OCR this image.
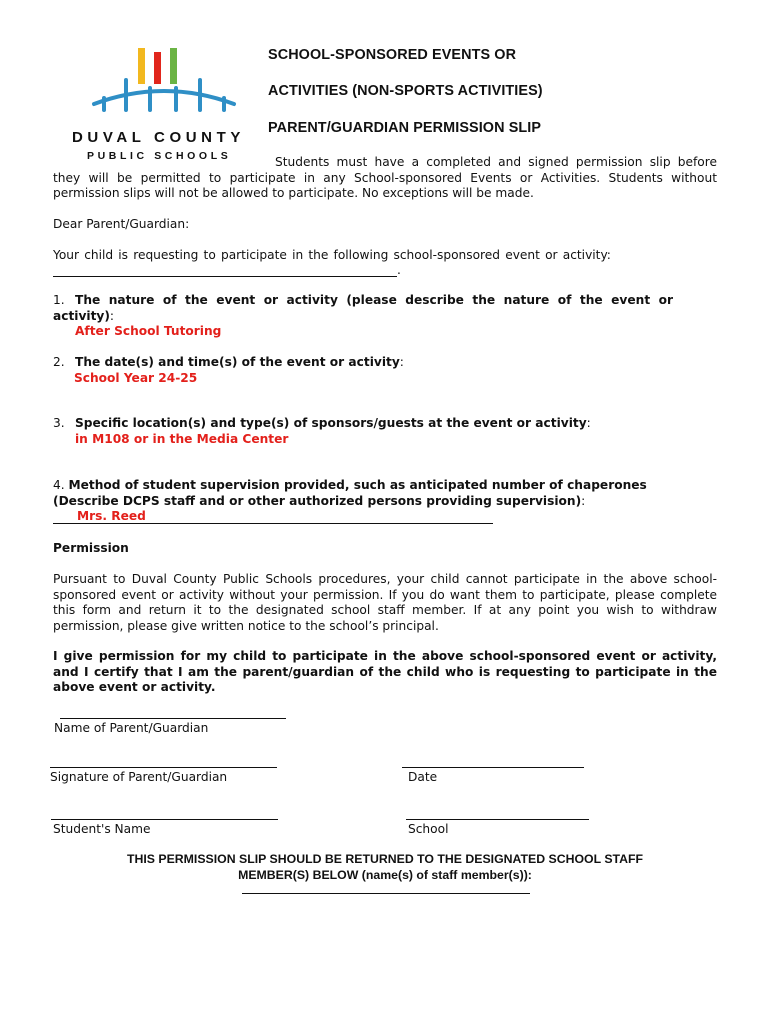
DUVAL COUNTY
PUBLIC SCHOOLS
SCHOOL-SPONSORED EVENTS OR
ACTIVITIES (NON-SPORTS ACTIVITIES)
PARENT/GUARDIAN PERMISSION SLIP
Students must have a completed and signed permission slip before they will be permitted to participate in any School-sponsored Events or Activities. Students without permission slips will not be allowed to participate. No exceptions will be made.
Dear Parent/Guardian:
Your child is requesting to participate in the following school-sponsored event or activity:
.
1. The nature of the event or activity (please describe the nature of the event or activity):
After School Tutoring
2. The date(s) and time(s) of the event or activity:
School Year 24-25
3. Specific location(s) and type(s) of sponsors/guests at the event or activity:
in M108 or in the Media Center
4. Method of student supervision provided, such as anticipated number of chaperones (Describe DCPS staff and or other authorized persons providing supervision):
Mrs. Reed
Permission
Pursuant to Duval County Public Schools procedures, your child cannot participate in the above school-sponsored event or activity without your permission. If you do want them to participate, please complete this form and return it to the designated school staff member. If at any point you wish to withdraw permission, please give written notice to the school’s principal.
I give permission for my child to participate in the above school-sponsored event or activity, and I certify that I am the parent/guardian of the child who is requesting to participate in the above event or activity.
Name of Parent/Guardian
Signature of Parent/Guardian	Date
Student's Name	School
THIS PERMISSION SLIP SHOULD BE RETURNED TO THE DESIGNATED SCHOOL STAFF
MEMBER(S) BELOW (name(s) of staff member(s)):
